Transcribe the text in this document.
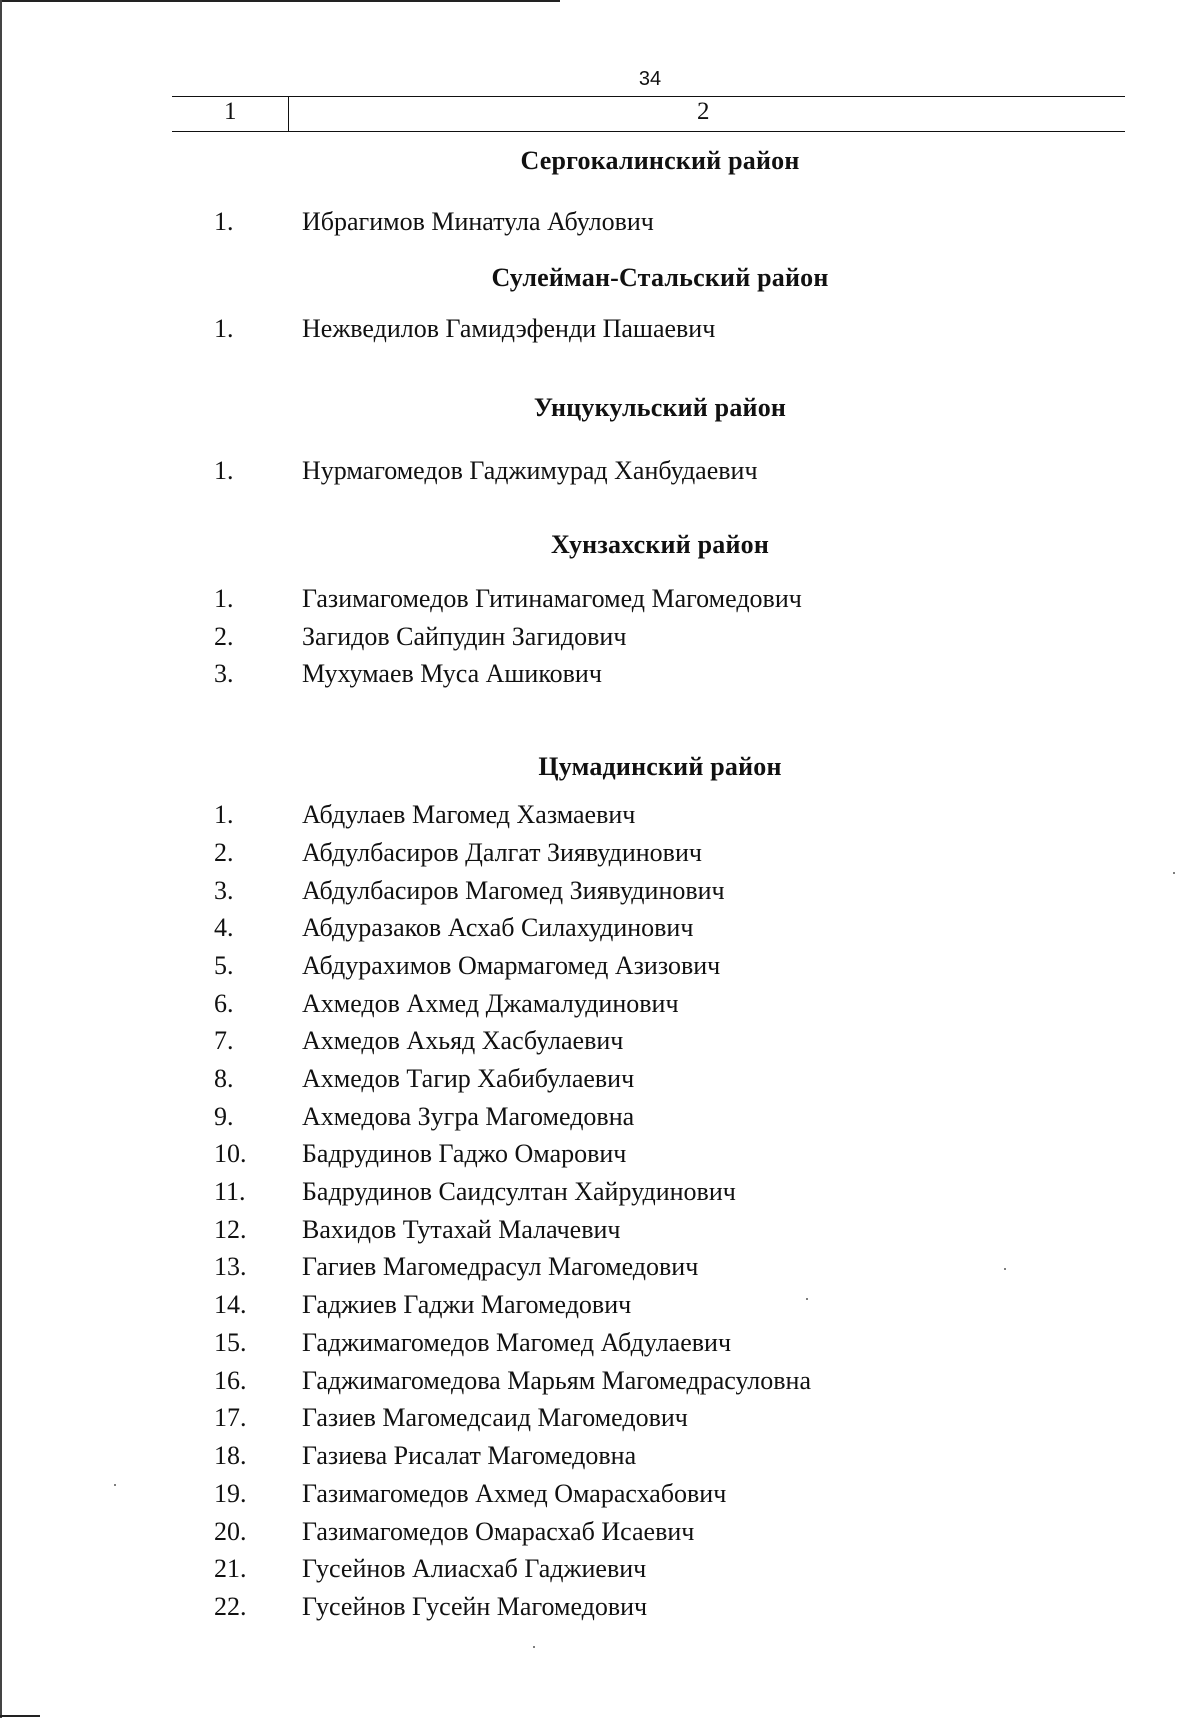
34
1	2
Сергокалинский район
1.	Ибрагимов Минатула Абулович
Сулейман-Стальский район
1.	Нежведилов Гамидэфенди Пашаевич
Унцукульский район
1.	Нурмагомедов Гаджимурад Ханбудаевич
Хунзахский район
1.	Газимагомедов Гитинамагомед Магомедович
2.	Загидов Сайпудин Загидович
3.	Мухумаев Муса Ашикович
Цумадинский район
1.	Абдулаев Магомед Хазмаевич
2.	Абдулбасиров Далгат Зиявудинович
3.	Абдулбасиров Магомед Зиявудинович
4.	Абдуразаков Асхаб Силахудинович
5.	Абдурахимов Омармагомед Азизович
6.	Ахмедов Ахмед Джамалудинович
7.	Ахмедов Ахьяд Хасбулаевич
8.	Ахмедов Тагир Хабибулаевич
9.	Ахмедова Зугра Магомедовна
10. Бадрудинов Гаджо Омарович
11. Бадрудинов Саидсултан Хайрудинович
12. Вахидов Тутахай Малачевич
13. Гагиев Магомедрасул Магомедович
14. Гаджиев Гаджи Магомедович
15. Гаджимагомедов Магомед Абдулаевич
16. Гаджимагомедова Марьям Магомедрасуловна
17. Газиев Магомедсаид Магомедович
18. Газиева Рисалат Магомедовна
19. Газимагомедов Ахмед Омарасхабович
20. Газимагомедов Омарасхаб Исаевич
21. Гусейнов Алиасхаб Гаджиевич
22. Гусейнов Гусейн Магомедович
